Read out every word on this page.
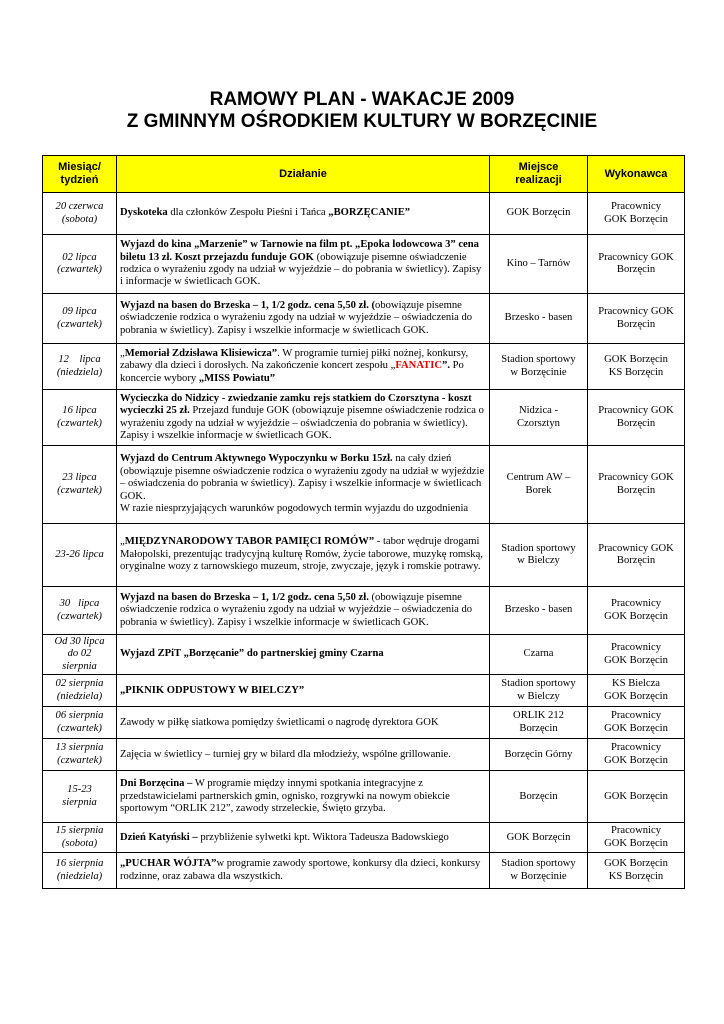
RAMOWY PLAN - WAKACJE 2009
Z GMINNYM OŚRODKIEM KULTURY W BORZĘCINIE
Miesiąc/
tydzień	Działanie	Miejsce
realizacji	Wykonawca
20 czerwca
(sobota)	Dyskoteka dla członków Zespołu Pieśni i Tańca „BORZĘCANIE”	GOK Borzęcin	Pracownicy
GOK Borzęcin
02 lipca
(czwartek)	Wyjazd do kina „Marzenie” w Tarnowie na film pt. „Epoka lodowcowa 3” cena biletu 13 zł. Koszt przejazdu funduje GOK (obowiązuje pisemne oświadczenie rodzica o wyrażeniu zgody na udział w wyjeździe – do pobrania w świetlicy). Zapisy i informacje w świetlicach GOK.	Kino – Tarnów	Pracownicy GOK
Borzęcin
09 lipca
(czwartek)	Wyjazd na basen do Brzeska – 1, 1/2 godz. cena 5,50 zł. (obowiązuje pisemne oświadczenie rodzica o wyrażeniu zgody na udział w wyjeździe – oświadczenia do pobrania w świetlicy). Zapisy i wszelkie informacje w świetlicach GOK.	Brzesko - basen	Pracownicy GOK
Borzęcin
12    lipca
(niedziela)	„Memoriał Zdzisława Klisiewicza”. W programie turniej piłki nożnej, konkursy, zabawy dla dzieci i dorosłych. Na zakończenie koncert zespołu „FANATIC”. Po koncercie wybory „MISS Powiatu”	Stadion sportowy
w Borzęcinie	GOK Borzęcin
KS Borzęcin
16 lipca
(czwartek)	Wycieczka do Nidzicy - zwiedzanie zamku rejs statkiem do Czorsztyna - koszt wycieczki 25 zł. Przejazd funduje GOK (obowiązuje pisemne oświadczenie rodzica o wyrażeniu zgody na udział w wyjeździe – oświadczenia do pobrania w świetlicy). Zapisy i wszelkie informacje w świetlicach GOK.	Nidzica -
Czorsztyn	Pracownicy GOK
Borzęcin
23 lipca
(czwartek)	Wyjazd do Centrum Aktywnego Wypoczynku w Borku 15zł. na cały dzień (obowiązuje pisemne oświadczenie rodzica o wyrażeniu zgody na udział w wyjeździe – oświadczenia do pobrania w świetlicy). Zapisy i wszelkie informacje w świetlicach GOK.
W razie niesprzyjających warunków pogodowych termin wyjazdu do uzgodnienia	Centrum AW –
Borek	Pracownicy GOK
Borzęcin
23-26 lipca	„MIĘDZYNARODOWY TABOR PAMIĘCI ROMÓW” - tabor wędruje drogami Małopolski, prezentując tradycyjną kulturę Romów, życie taborowe, muzykę romską, oryginalne wozy z tarnowskiego muzeum, stroje, zwyczaje, język i romskie potrawy.	Stadion sportowy
w Bielczy	Pracownicy GOK
Borzęcin
30   lipca
(czwartek)	Wyjazd na basen do Brzeska – 1, 1/2 godz. cena 5,50 zł. (obowiązuje pisemne oświadczenie rodzica o wyrażeniu zgody na udział w wyjeździe – oświadczenia do pobrania w świetlicy). Zapisy i wszelkie informacje w świetlicach GOK.	Brzesko - basen	Pracownicy
GOK Borzęcin
Od 30 lipca
do 02
sierpnia	Wyjazd ZPiT „Borzęcanie” do partnerskiej gminy Czarna	Czarna	Pracownicy
GOK Borzęcin
02 sierpnia
(niedziela)	„PIKNIK ODPUSTOWY W BIELCZY”	Stadion sportowy
w Bielczy	KS Bielcza
GOK Borzęcin
06 sierpnia
(czwartek)	Zawody w piłkę siatkowa pomiędzy świetlicami o nagrodę dyrektora GOK	ORLIK 212
Borzęcin	Pracownicy
GOK Borzęcin
13 sierpnia
(czwartek)	Zajęcia w świetlicy – turniej gry w bilard dla młodzieży, wspólne grillowanie.	Borzęcin Górny	Pracownicy
GOK Borzęcin
15-23
sierpnia	Dni Borzęcina – W programie między innymi spotkania integracyjne z przedstawicielami partnerskich gmin, ognisko, rozgrywki na nowym obiekcie sportowym “ORLIK 212”, zawody strzeleckie, Święto grzyba.	Borzęcin	GOK Borzęcin
15 sierpnia
(sobota)	Dzień Katyński – przybliżenie sylwetki kpt. Wiktora Tadeusza Badowskiego	GOK Borzęcin	Pracownicy
GOK Borzęcin
16 sierpnia
(niedziela)	„PUCHAR WÓJTA”w programie zawody sportowe, konkursy dla dzieci, konkursy rodzinne, oraz zabawa dla wszystkich.	Stadion sportowy
w Borzęcinie	GOK Borzęcin
KS Borzęcin
